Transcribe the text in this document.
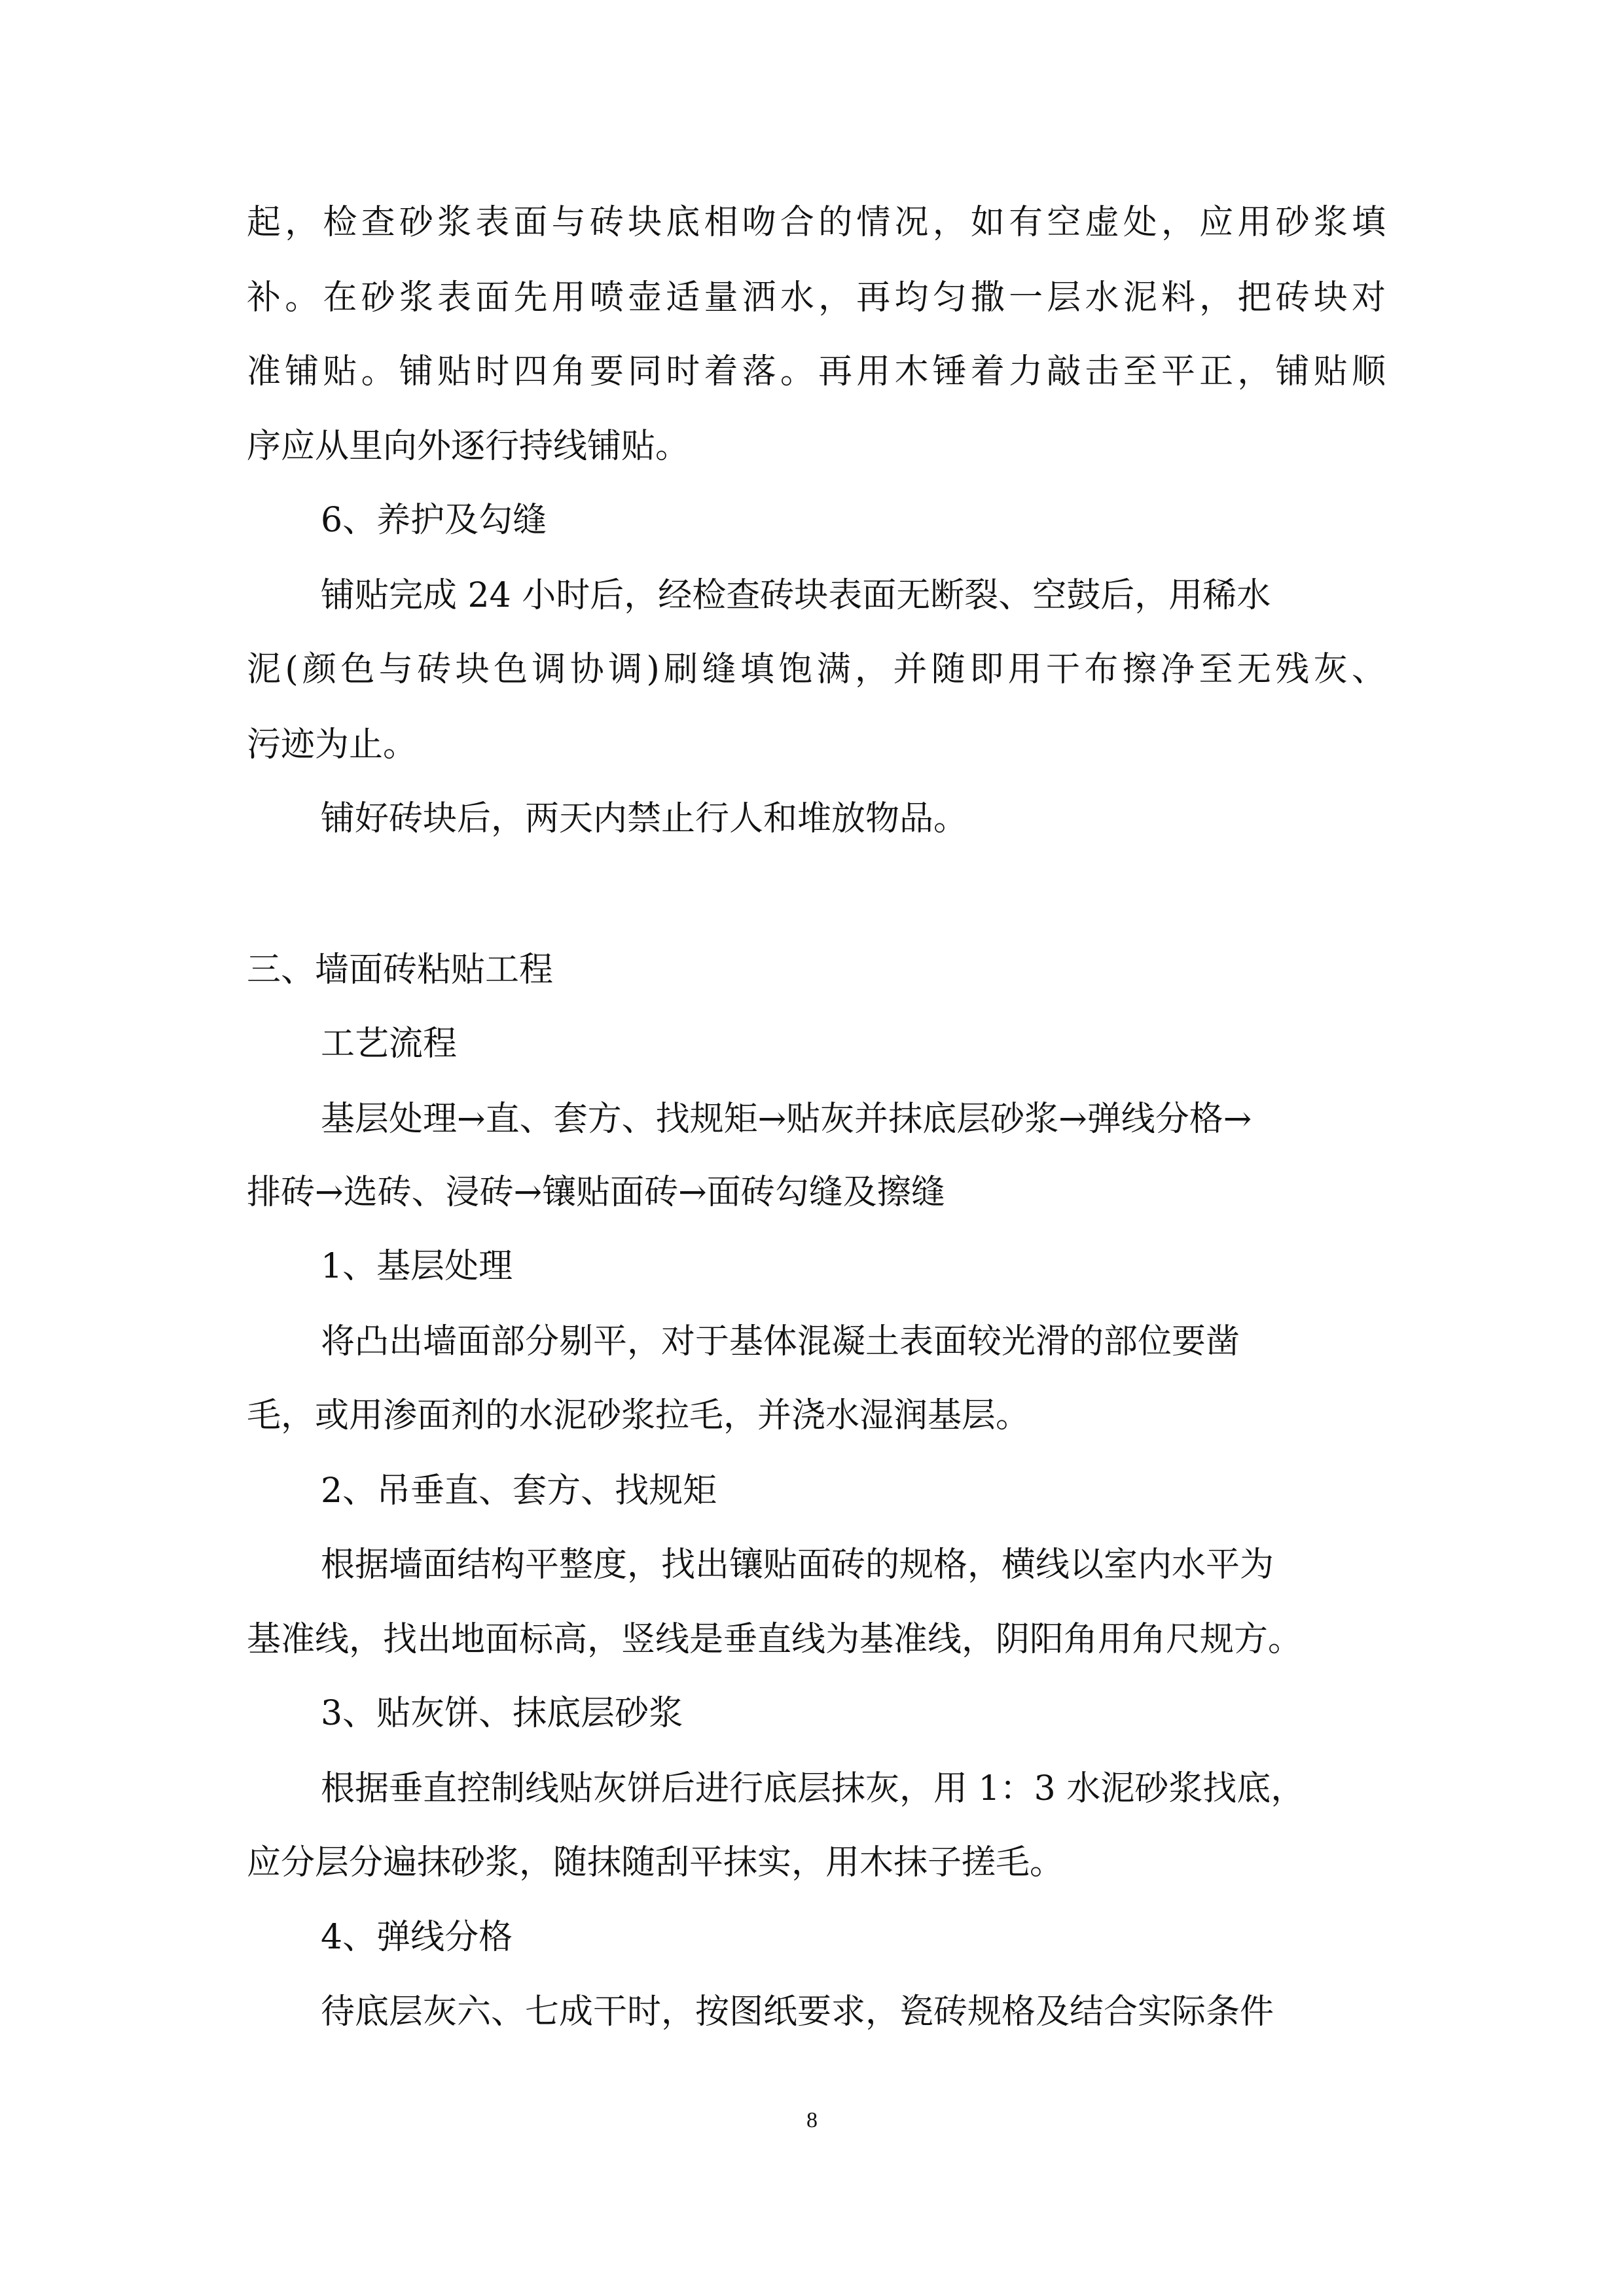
起，检查砂浆表面与砖块底相吻合的情况，如有空虚处，应用砂浆填

补。在砂浆表面先用喷壶适量洒水，再均匀撒一层水泥料，把砖块对

准铺贴。铺贴时四角要同时着落。再用木锤着力敲击至平正，铺贴顺

序应从里向外逐行持线铺贴。

6、养护及勾缝

铺贴完成 24 小时后，经检查砖块表面无断裂、空鼓后，用稀水

泥(颜色与砖块色调协调)刷缝填饱满，并随即用干布擦净至无残灰、

污迹为止。

铺好砖块后，两天内禁止行人和堆放物品。

三、墙面砖粘贴工程

工艺流程

基层处理→直、套方、找规矩→贴灰并抹底层砂浆→弹线分格→

排砖→选砖、浸砖→镶贴面砖→面砖勾缝及擦缝

1、基层处理

将凸出墙面部分剔平，对于基体混凝土表面较光滑的部位要凿

毛，或用渗面剂的水泥砂浆拉毛，并浇水湿润基层。

2、吊垂直、套方、找规矩

根据墙面结构平整度，找出镶贴面砖的规格，横线以室内水平为

基准线，找出地面标高，竖线是垂直线为基准线，阴阳角用角尺规方。

3、贴灰饼、抹底层砂浆

根据垂直控制线贴灰饼后进行底层抹灰，用 1：3 水泥砂浆找底，

应分层分遍抹砂浆，随抹随刮平抹实，用木抹子搓毛。

4、弹线分格

待底层灰六、七成干时，按图纸要求，瓷砖规格及结合实际条件

8
